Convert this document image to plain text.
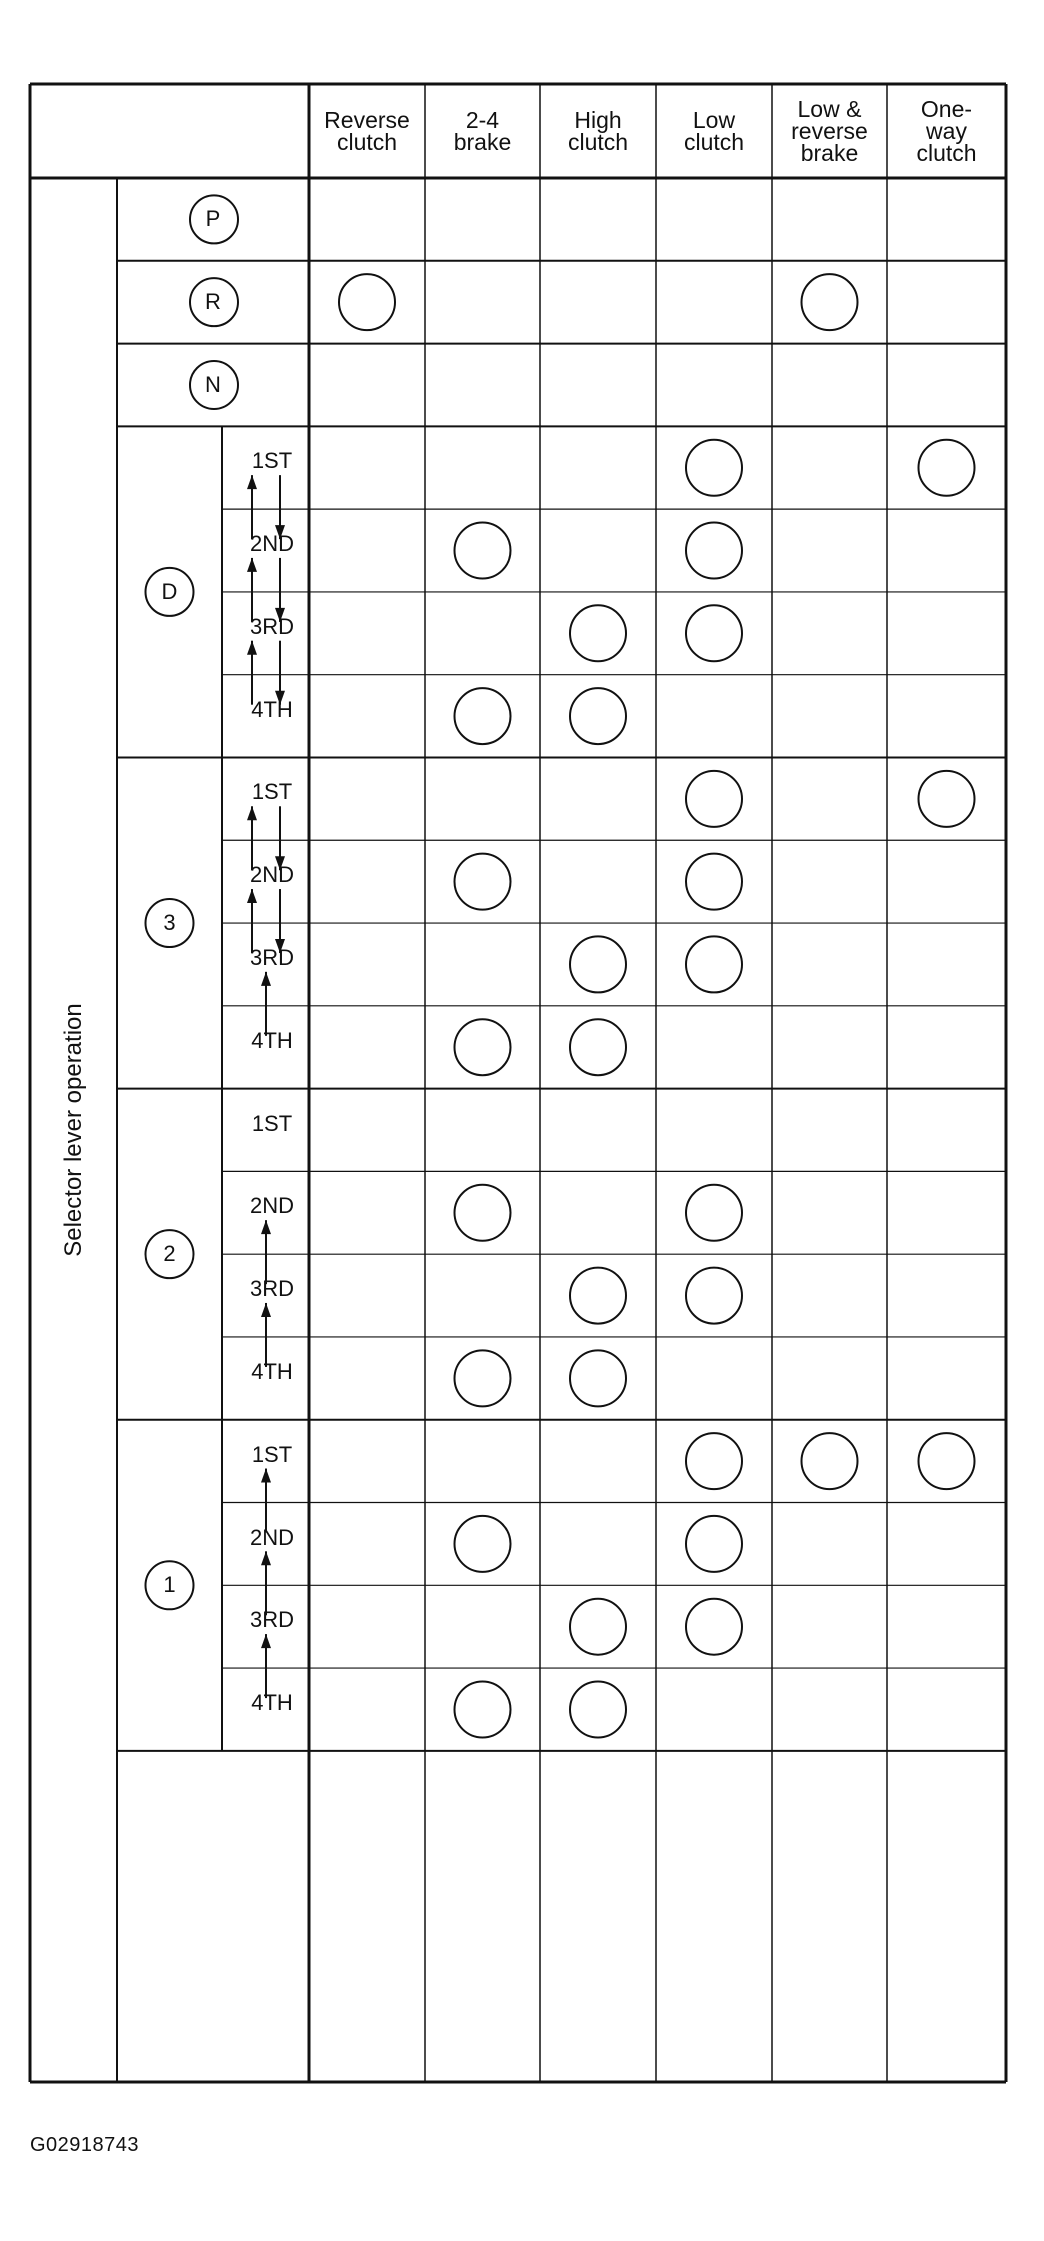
Reverse
clutch
2-4
brake
High
clutch
Low
clutch
Low &
reverse
brake
One-
way
clutch
Selector lever operation
P
R
N
D
1ST
2ND
3RD
4TH
3
1ST
2ND
3RD
4TH
2
1ST
2ND
3RD
4TH
1
1ST
2ND
3RD
4TH
G02918743
